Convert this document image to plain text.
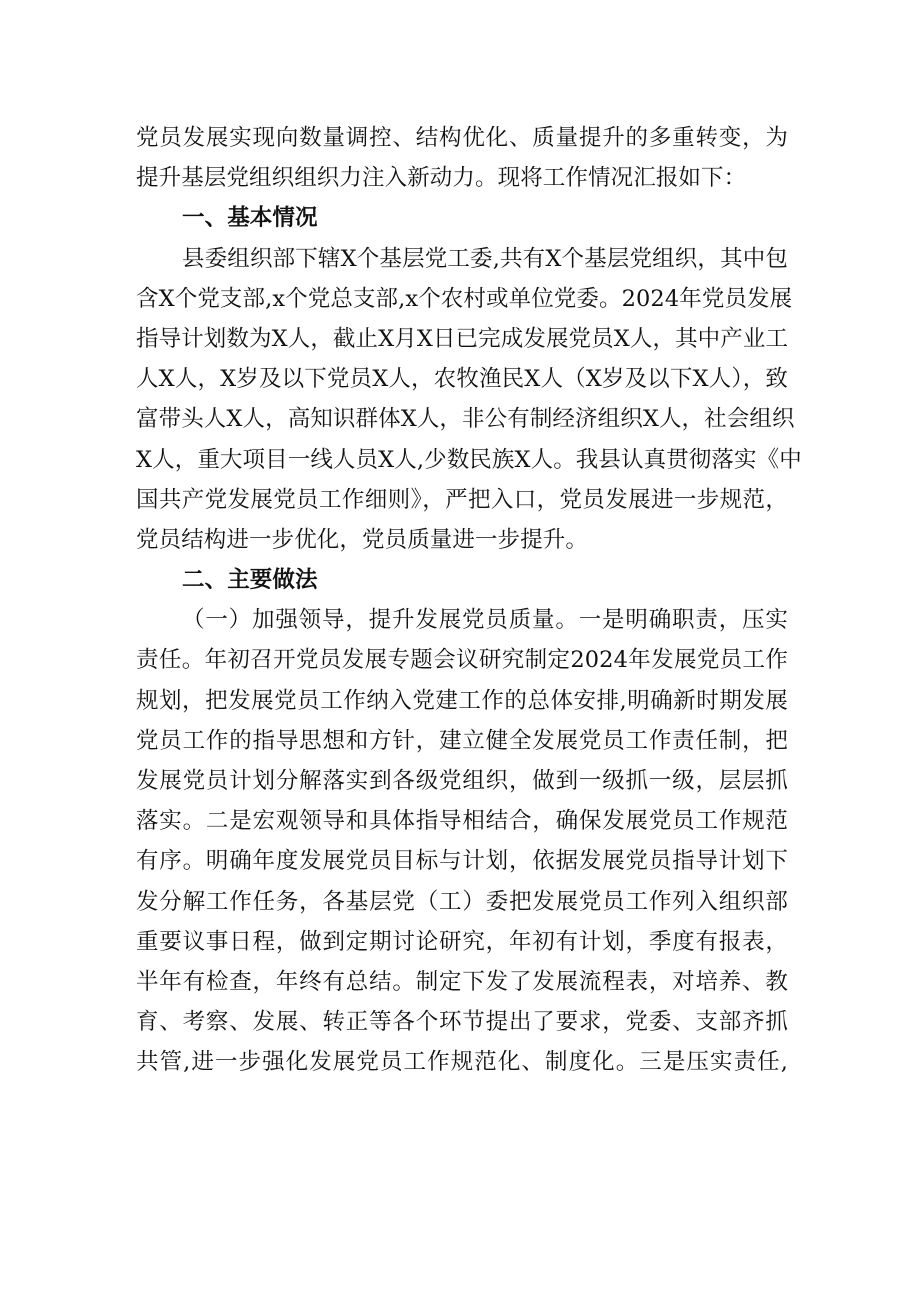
党员发展实现向数量调控、结构优化、质量提升的多重转变，为
提升基层党组织组织力注入新动力。现将工作情况汇报如下：
一、基本情况
县委组织部下辖X个基层党工委,共有X个基层党组织，其中包
含X个党支部,x个党总支部,x个农村或单位党委。2024年党员发展
指导计划数为X人，截止X月X日已完成发展党员X人，其中产业工
人X人，X岁及以下党员X人，农牧渔民X人（X岁及以下X人），致
富带头人X人，高知识群体X人，非公有制经济组织X人，社会组织
X人，重大项目一线人员X人,少数民族X人。我县认真贯彻落实《中
国共产党发展党员工作细则》，严把入口，党员发展进一步规范，
党员结构进一步优化，党员质量进一步提升。
二、主要做法
（一）加强领导，提升发展党员质量。一是明确职责，压实
责任。年初召开党员发展专题会议研究制定2024年发展党员工作
规划，把发展党员工作纳入党建工作的总体安排,明确新时期发展
党员工作的指导思想和方针，建立健全发展党员工作责任制，把
发展党员计划分解落实到各级党组织，做到一级抓一级，层层抓
落实。二是宏观领导和具体指导相结合，确保发展党员工作规范
有序。明确年度发展党员目标与计划，依据发展党员指导计划下
发分解工作任务，各基层党（工）委把发展党员工作列入组织部
重要议事日程，做到定期讨论研究，年初有计划，季度有报表，
半年有检查，年终有总结。制定下发了发展流程表，对培养、教
育、考察、发展、转正等各个环节提出了要求，党委、支部齐抓
共管,进一步强化发展党员工作规范化、制度化。三是压实责任,
